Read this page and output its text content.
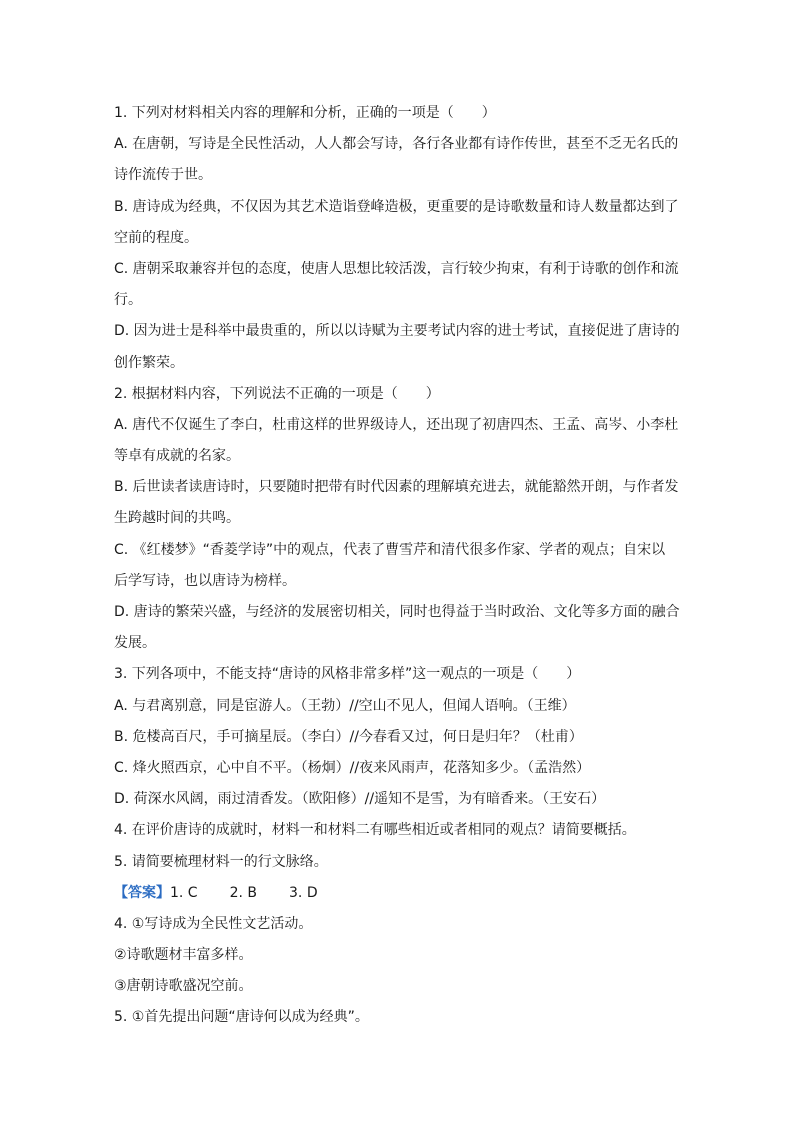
1. 下列对材料相关内容的理解和分析，正确的一项是（　　）
A. 在唐朝，写诗是全民性活动，人人都会写诗，各行各业都有诗作传世，甚至不乏无名氏的
诗作流传于世。
B. 唐诗成为经典，不仅因为其艺术造诣登峰造极，更重要的是诗歌数量和诗人数量都达到了
空前的程度。
C. 唐朝采取兼容并包的态度，使唐人思想比较活泼，言行较少拘束，有利于诗歌的创作和流
行。
D. 因为进士是科举中最贵重的，所以以诗赋为主要考试内容的进士考试，直接促进了唐诗的
创作繁荣。
2. 根据材料内容，下列说法不正确的一项是（　　）
A. 唐代不仅诞生了李白，杜甫这样的世界级诗人，还出现了初唐四杰、王孟、高岑、小李杜
等卓有成就的名家。
B. 后世读者读唐诗时，只要随时把带有时代因素的理解填充进去，就能豁然开朗，与作者发
生跨越时间的共鸣。
C. 《红楼梦》“香菱学诗”中的观点，代表了曹雪芹和清代很多作家、学者的观点；自宋以
后学写诗，也以唐诗为榜样。
D. 唐诗的繁荣兴盛，与经济的发展密切相关，同时也得益于当时政治、文化等多方面的融合
发展。
3. 下列各项中，不能支持“唐诗的风格非常多样”这一观点的一项是（　　）
A. 与君离别意，同是宦游人。（王勃）//空山不见人，但闻人语响。（王维）
B. 危楼高百尺，手可摘星辰。（李白）//今春看又过，何日是归年？（杜甫）
C. 烽火照西京，心中自不平。（杨炯）//夜来风雨声，花落知多少。（孟浩然）
D. 荷深水风阔，雨过清香发。（欧阳修）//遥知不是雪，为有暗香来。（王安石）
4. 在评价唐诗的成就时，材料一和材料二有哪些相近或者相同的观点？请简要概括。
5. 请简要梳理材料一的行文脉络。
【答案】1. C 2. B 3. D
4. ①写诗成为全民性文艺活动。
②诗歌题材丰富多样。
③唐朝诗歌盛况空前。
5. ①首先提出问题“唐诗何以成为经典”。
